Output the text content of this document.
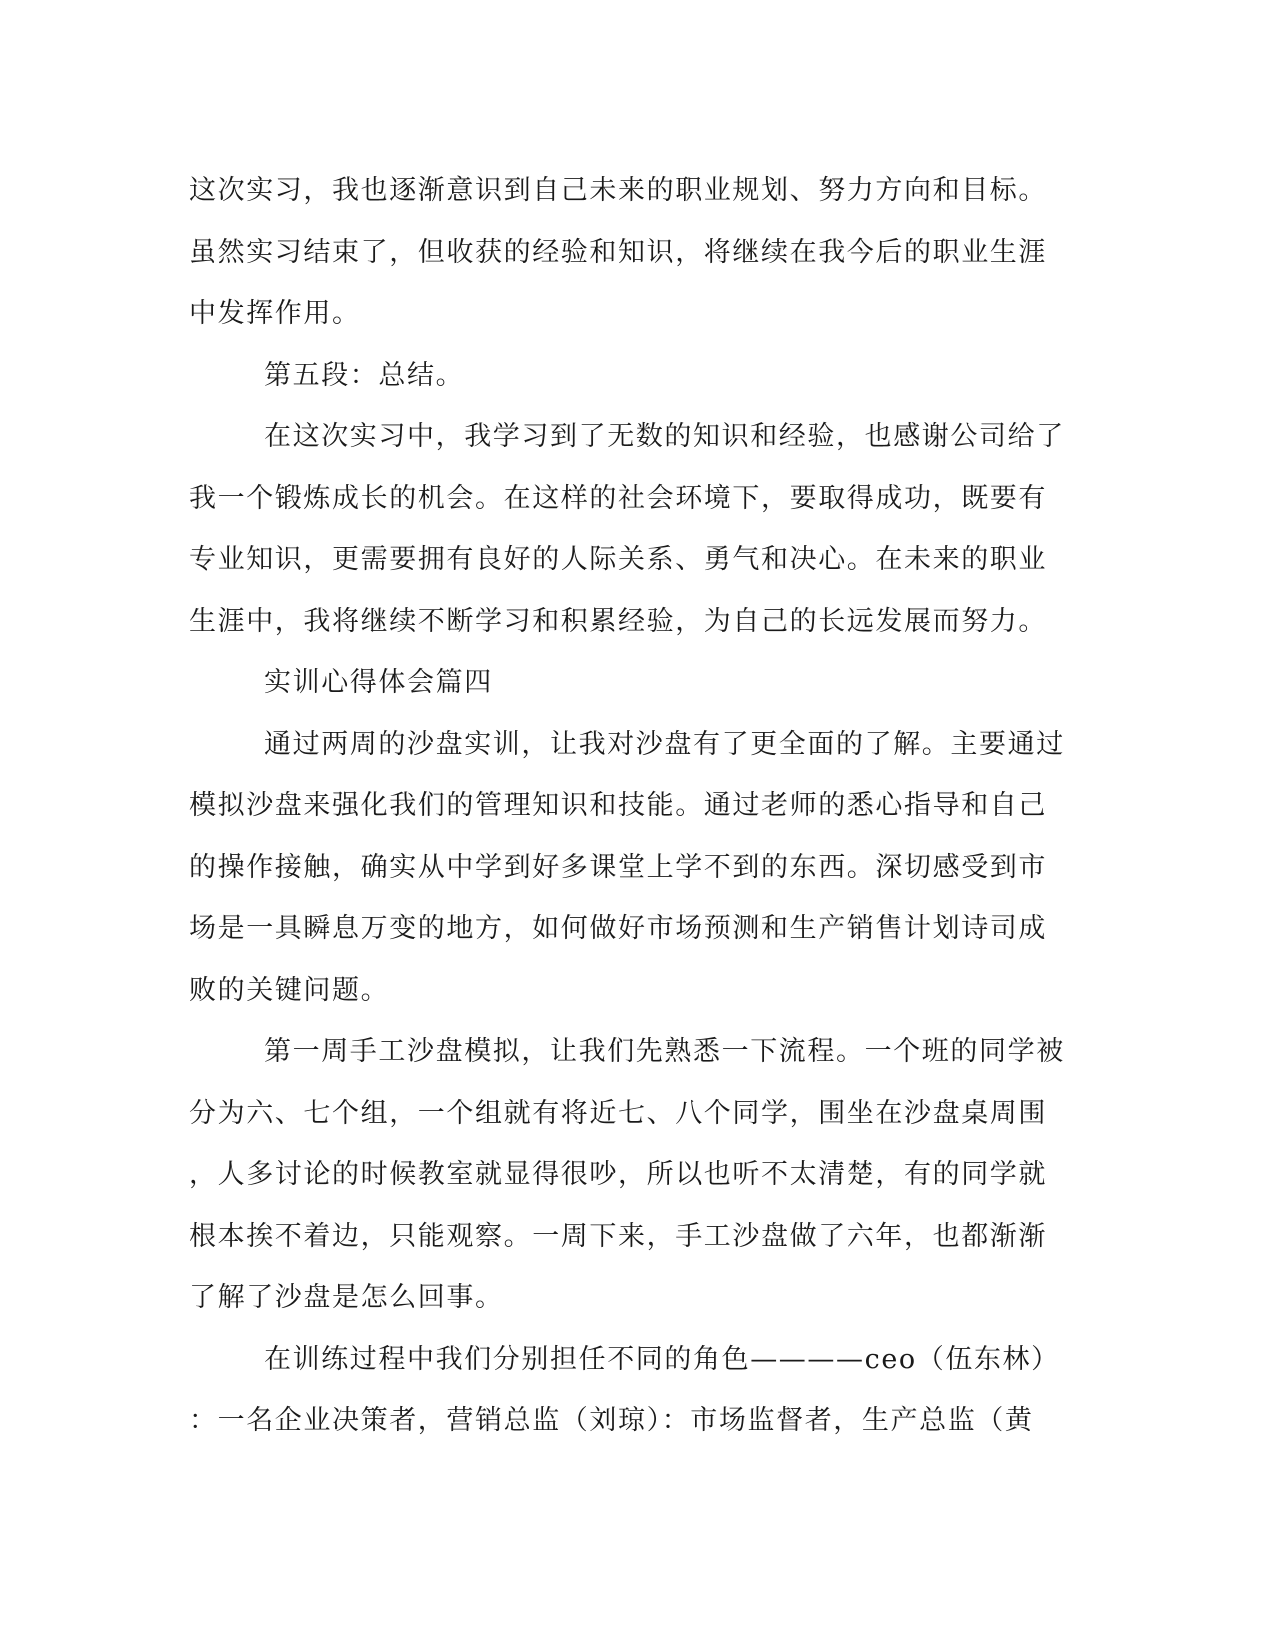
这次实习，我也逐渐意识到自己未来的职业规划、努力方向和目标。
虽然实习结束了，但收获的经验和知识，将继续在我今后的职业生涯
中发挥作用。
第五段：总结。
在这次实习中，我学习到了无数的知识和经验，也感谢公司给了
我一个锻炼成长的机会。在这样的社会环境下，要取得成功，既要有
专业知识，更需要拥有良好的人际关系、勇气和决心。在未来的职业
生涯中，我将继续不断学习和积累经验，为自己的长远发展而努力。
实训心得体会篇四
通过两周的沙盘实训，让我对沙盘有了更全面的了解。主要通过
模拟沙盘来强化我们的管理知识和技能。通过老师的悉心指导和自己
的操作接触，确实从中学到好多课堂上学不到的东西。深切感受到市
场是一具瞬息万变的地方，如何做好市场预测和生产销售计划诗司成
败的关键问题。
第一周手工沙盘模拟，让我们先熟悉一下流程。一个班的同学被
分为六、七个组，一个组就有将近七、八个同学，围坐在沙盘桌周围
，人多讨论的时候教室就显得很吵，所以也听不太清楚，有的同学就
根本挨不着边，只能观察。一周下来，手工沙盘做了六年，也都渐渐
了解了沙盘是怎么回事。
在训练过程中我们分别担任不同的角色————ceo（伍东林）
：一名企业决策者，营销总监（刘琼）：市场监督者，生产总监（黄
